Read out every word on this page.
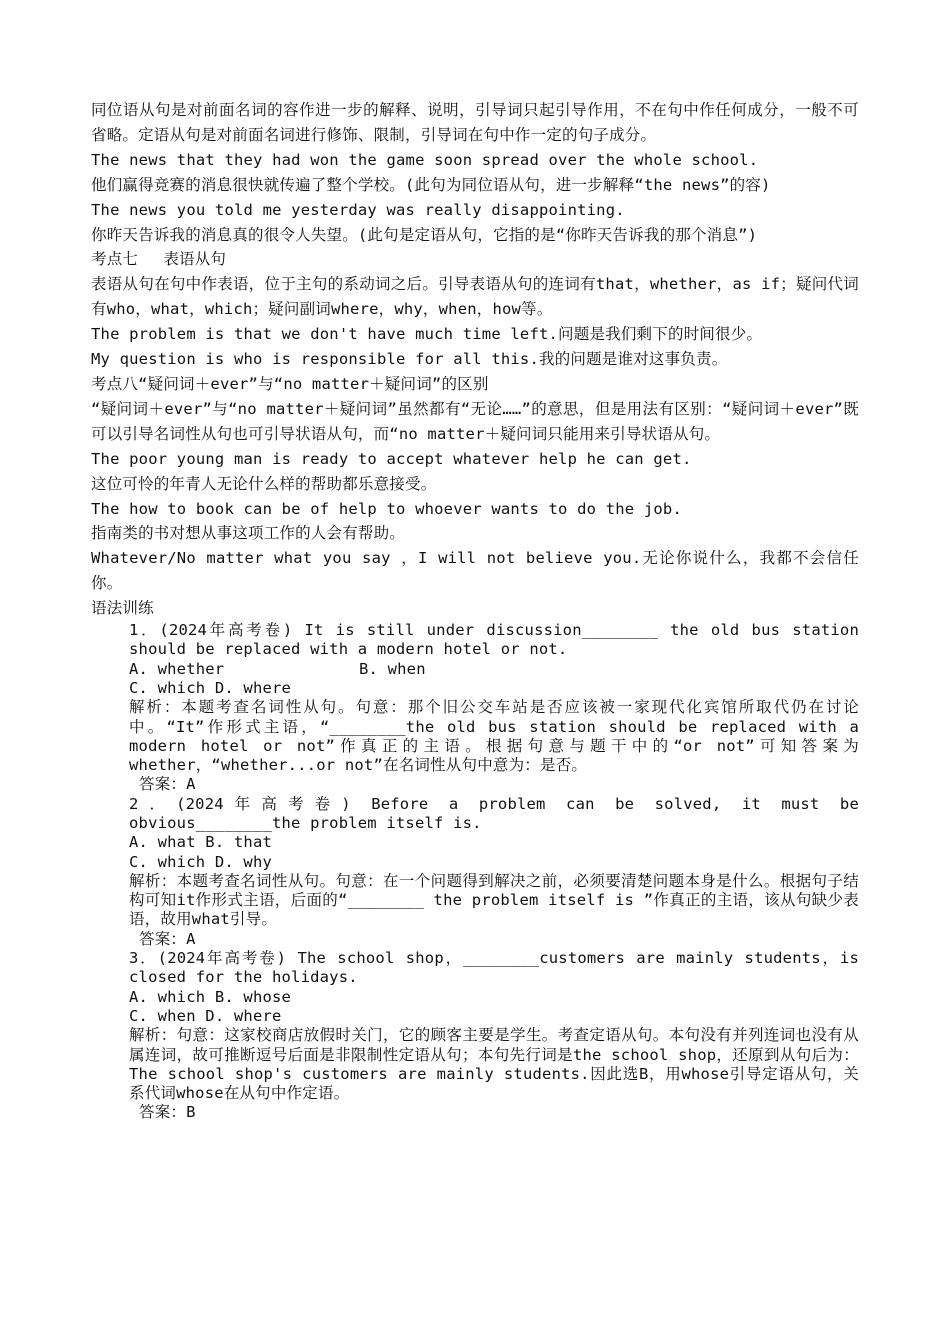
同位语从句是对前面名词的容作进一步的解释、说明，引导词只起引导作用，不在句中作任何成分，一般不可省略。定语从句是对前面名词进行修饰、限制，引导词在句中作一定的句子成分。

The news that they had won the game soon spread over the whole school.

他们赢得竞赛的消息很快就传遍了整个学校。(此句为同位语从句，进一步解释“the news”的容)

The news you told me yesterday was really disappointing.

你昨天告诉我的消息真的很令人失望。(此句是定语从句，它指的是“你昨天告诉我的那个消息”)

考点七　 表语从句

表语从句在句中作表语，位于主句的系动词之后。引导表语从句的连词有that，whether，as if；疑问代词有who，what，which；疑问副词where，why，when，how等。

The problem is that we don't have much time left.问题是我们剩下的时间很少。

My question is who is responsible for all this.我的问题是谁对这事负责。

考点八“疑问词＋ever”与“no matter＋疑问词”的区别

“疑问词＋ever”与“no matter＋疑问词”虽然都有“无论……”的意思，但是用法有区别：“疑问词＋ever”既可以引导名词性从句也可引导状语从句，而“no matter＋疑问词只能用来引导状语从句。

The poor young man is ready to accept whatever help he can get.

这位可怜的年青人无论什么样的帮助都乐意接受。

The how to book can be of help to whoever wants to do the job.

指南类的书对想从事这项工作的人会有帮助。

Whatever/No matter what you say ，I will not believe you.无论你说什么，我都不会信任你。

语法训练

1．(2024年高考卷) It is still under discussion________ the old bus station should be replaced with a modern hotel or not.

A. whether	B. when

C. which D. where

解析：本题考查名词性从句。句意：那个旧公交车站是否应该被一家现代化宾馆所取代仍在讨论中。“It”作形式主语，“________the old bus station should be replaced with a modern hotel or not”作真正的主语。根据句意与题干中的“or not”可知答案为whether，“whether...or not”在名词性从句中意为：是否。

答案：A

2．(2024年高考卷) Before a problem can be solved, it must be obvious________the problem itself is.

A. what B. that

C. which D. why

解析：本题考查名词性从句。句意：在一个问题得到解决之前，必须要清楚问题本身是什么。根据句子结构可知it作形式主语，后面的“________ the problem itself is ”作真正的主语，该从句缺少表语，故用what引导。

答案：A

3．(2024年高考卷) The school shop，________customers are mainly students，is closed for the holidays.

A. which B. whose

C. when D. where

解析：句意：这家校商店放假时关门，它的顾客主要是学生。考查定语从句。本句没有并列连词也没有从属连词，故可推断逗号后面是非限制性定语从句；本句先行词是the school shop，还原到从句后为：The school shop's customers are mainly students.因此选B，用whose引导定语从句，关系代词whose在从句中作定语。

答案：B
